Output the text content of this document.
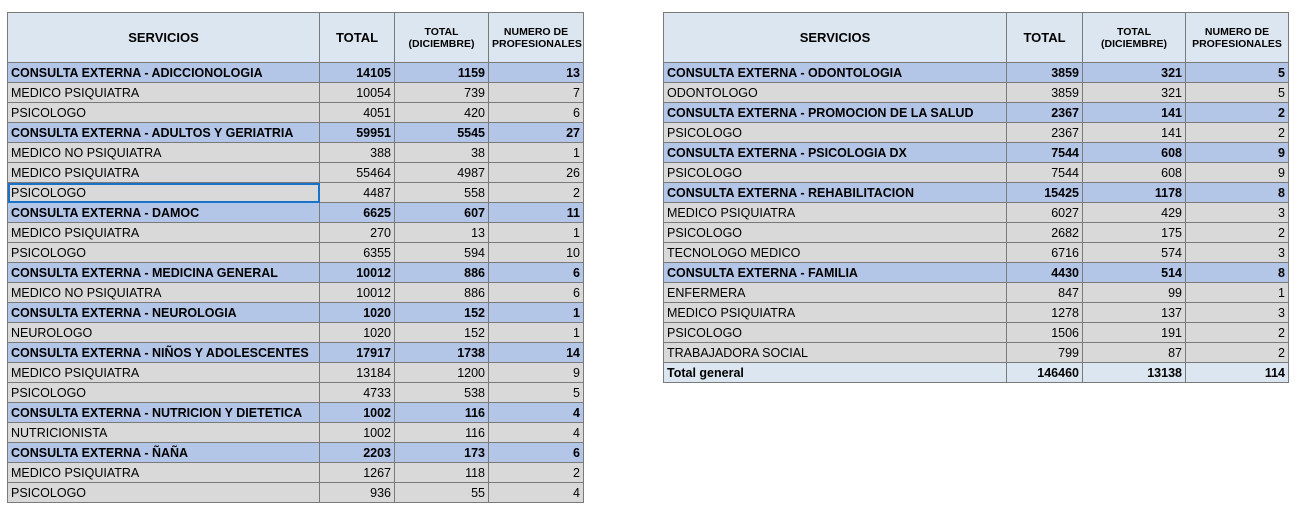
SERVICIOS	TOTAL	TOTAL (DICIEMBRE)	NUMERO DE PROFESIONALES
CONSULTA EXTERNA - ADICCIONOLOGIA	14105	1159	13
MEDICO PSIQUIATRA	10054	739	7
PSICOLOGO	4051	420	6
CONSULTA EXTERNA - ADULTOS Y GERIATRIA	59951	5545	27
MEDICO NO PSIQUIATRA	388	38	1
MEDICO PSIQUIATRA	55464	4987	26
PSICOLOGO	4487	558	2
CONSULTA EXTERNA - DAMOC	6625	607	11
MEDICO PSIQUIATRA	270	13	1
PSICOLOGO	6355	594	10
CONSULTA EXTERNA - MEDICINA GENERAL	10012	886	6
MEDICO NO PSIQUIATRA	10012	886	6
CONSULTA EXTERNA - NEUROLOGIA	1020	152	1
NEUROLOGO	1020	152	1
CONSULTA EXTERNA - NIÑOS Y ADOLESCENTES	17917	1738	14
MEDICO PSIQUIATRA	13184	1200	9
PSICOLOGO	4733	538	5
CONSULTA EXTERNA - NUTRICION Y DIETETICA	1002	116	4
NUTRICIONISTA	1002	116	4
CONSULTA EXTERNA - ÑAÑA	2203	173	6
MEDICO PSIQUIATRA	1267	118	2
PSICOLOGO	936	55	4
SERVICIOS	TOTAL	TOTAL (DICIEMBRE)	NUMERO DE PROFESIONALES
CONSULTA EXTERNA - ODONTOLOGIA	3859	321	5
ODONTOLOGO	3859	321	5
CONSULTA EXTERNA - PROMOCION DE LA SALUD	2367	141	2
PSICOLOGO	2367	141	2
CONSULTA EXTERNA - PSICOLOGIA DX	7544	608	9
PSICOLOGO	7544	608	9
CONSULTA EXTERNA - REHABILITACION	15425	1178	8
MEDICO PSIQUIATRA	6027	429	3
PSICOLOGO	2682	175	2
TECNOLOGO MEDICO	6716	574	3
CONSULTA EXTERNA - FAMILIA	4430	514	8
ENFERMERA	847	99	1
MEDICO PSIQUIATRA	1278	137	3
PSICOLOGO	1506	191	2
TRABAJADORA SOCIAL	799	87	2
Total general	146460	13138	114
